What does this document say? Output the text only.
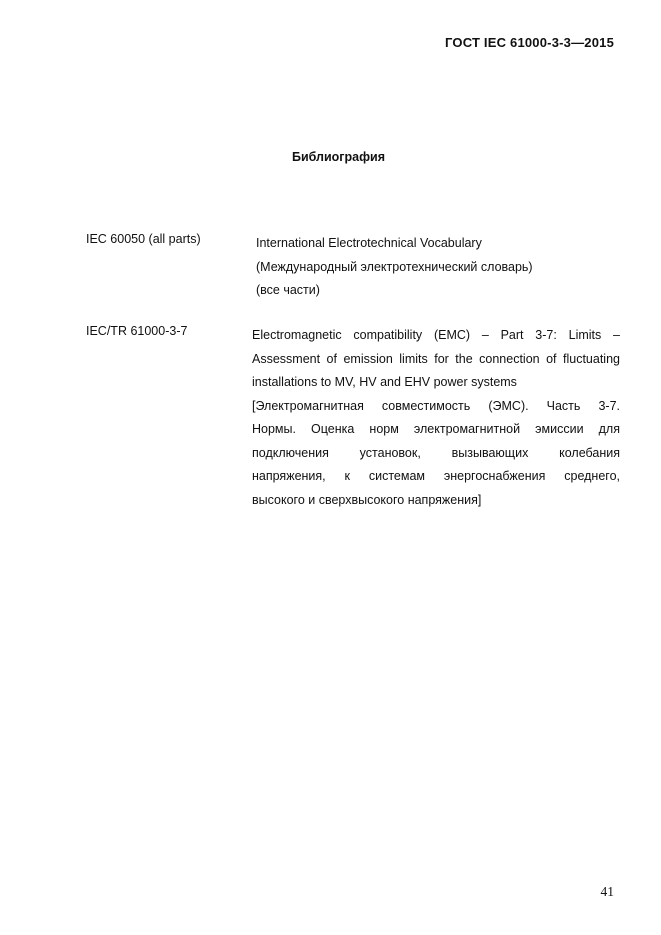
ГОСТ IEC 61000-3-3—2015
Библиография
IEC 60050 (all parts)	International Electrotechnical Vocabulary
(Международный электротехнический словарь)
(все части)
IEC/TR 61000-3-7	Electromagnetic compatibility (EMC) – Part 3-7: Limits –
Assessment of emission limits for the connection of fluctuating
installations to MV, HV and EHV power systems
[Электромагнитная совместимость (ЭМС). Часть 3-7.
Нормы. Оценка норм электромагнитной эмиссии для
подключения установок, вызывающих колебания
напряжения, к системам энергоснабжения среднего,
высокого и сверхвысокого напряжения]
41
